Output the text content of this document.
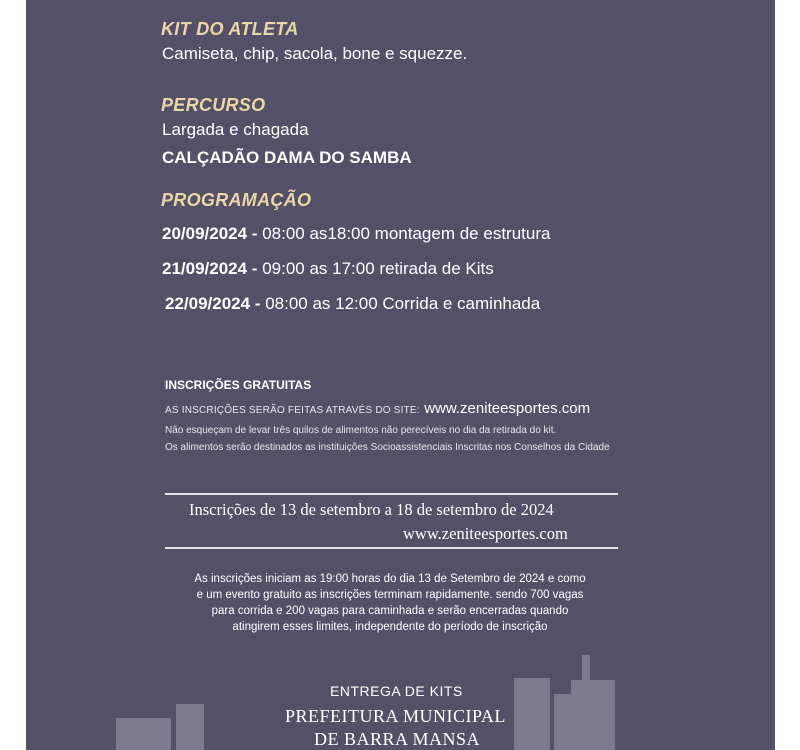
KIT DO ATLETA
Camiseta, chip, sacola, bone e squezze.
PERCURSO
Largada e chagada
CALÇADÃO DAMA DO SAMBA
PROGRAMAÇÃO
20/09/2024 - 08:00 as18:00 montagem de estrutura
21/09/2024 - 09:00 as 17:00 retirada de Kits
22/09/2024 - 08:00 as 12:00 Corrida e caminhada
INSCRIÇÕES GRATUITAS
AS INSCRIÇÕES SERÃO FEITAS ATRAVÉS DO SITE: www.zeniteesportes.com
Não esqueçam de levar três quilos de alimentos não perecíveis no dia da retirada do kit.
Os alimentos serão destinados as instituições Socioassistenciais Inscritas nos Conselhos da Cidade
Inscrições de 13 de setembro a 18 de setembro de 2024
www.zeniteesportes.com
As inscrições iniciam as 19:00 horas do dia 13 de Setembro de 2024 e como e um evento gratuito as inscrições terminam rapidamente. sendo 700 vagas para corrida e 200 vagas para caminhada e serão encerradas quando atingirem esses limites, independente do período de inscrição
ENTREGA DE KITS
PREFEITURA MUNICIPAL
DE BARRA MANSA
